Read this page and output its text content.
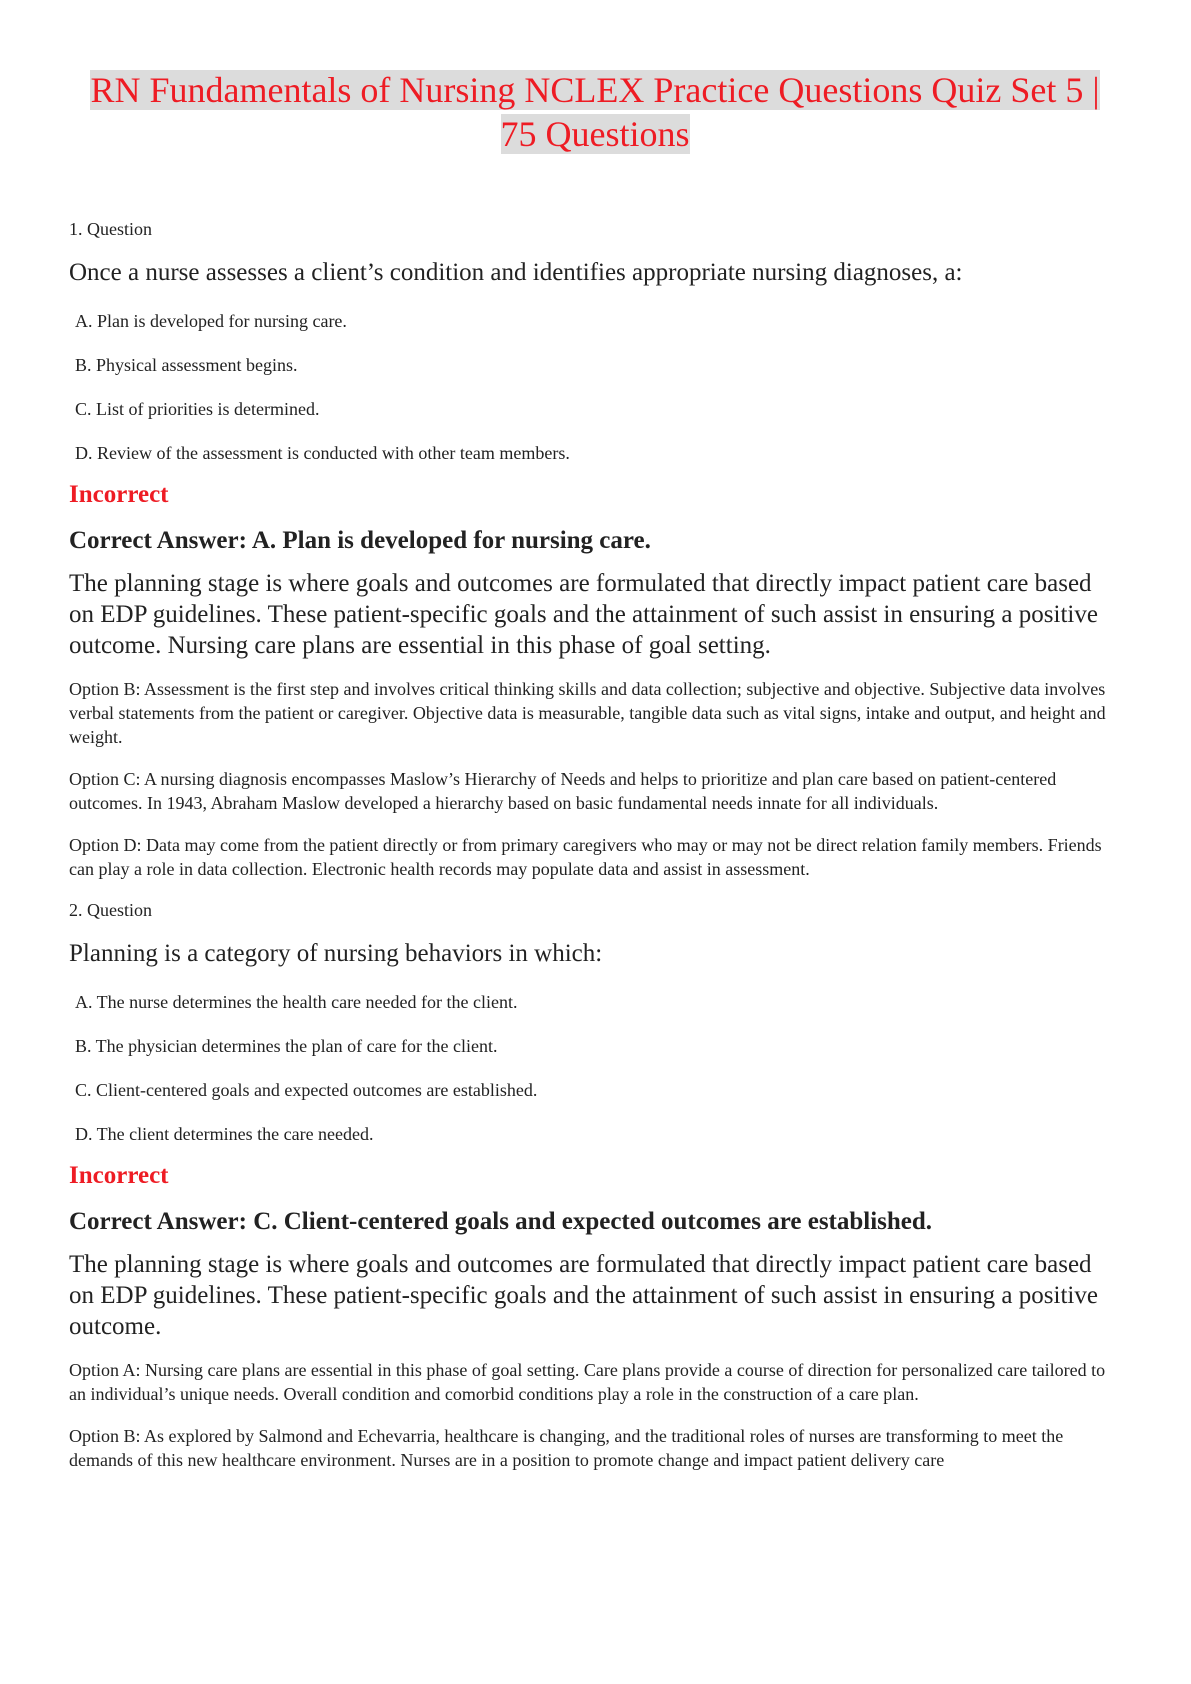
RN Fundamentals of Nursing NCLEX Practice Questions Quiz Set 5 | 75 Questions

1. Question

Once a nurse assesses a client’s condition and identifies appropriate nursing diagnoses, a:

A. Plan is developed for nursing care.
B. Physical assessment begins.
C. List of priorities is determined.
D. Review of the assessment is conducted with other team members.

Incorrect

Correct Answer: A. Plan is developed for nursing care.

The planning stage is where goals and outcomes are formulated that directly impact patient care based on EDP guidelines. These patient-specific goals and the attainment of such assist in ensuring a positive outcome. Nursing care plans are essential in this phase of goal setting.

Option B: Assessment is the first step and involves critical thinking skills and data collection; subjective and objective. Subjective data involves verbal statements from the patient or caregiver. Objective data is measurable, tangible data such as vital signs, intake and output, and height and weight.

Option C: A nursing diagnosis encompasses Maslow’s Hierarchy of Needs and helps to prioritize and plan care based on patient-centered outcomes. In 1943, Abraham Maslow developed a hierarchy based on basic fundamental needs innate for all individuals.

Option D: Data may come from the patient directly or from primary caregivers who may or may not be direct relation family members. Friends can play a role in data collection. Electronic health records may populate data and assist in assessment.

2. Question

Planning is a category of nursing behaviors in which:

A. The nurse determines the health care needed for the client.
B. The physician determines the plan of care for the client.
C. Client-centered goals and expected outcomes are established.
D. The client determines the care needed.

Incorrect

Correct Answer: C. Client-centered goals and expected outcomes are established.

The planning stage is where goals and outcomes are formulated that directly impact patient care based on EDP guidelines. These patient-specific goals and the attainment of such assist in ensuring a positive outcome.

Option A: Nursing care plans are essential in this phase of goal setting. Care plans provide a course of direction for personalized care tailored to an individual’s unique needs. Overall condition and comorbid conditions play a role in the construction of a care plan.

Option B: As explored by Salmond and Echevarria, healthcare is changing, and the traditional roles of nurses are transforming to meet the demands of this new healthcare environment. Nurses are in a position to promote change and impact patient delivery care
